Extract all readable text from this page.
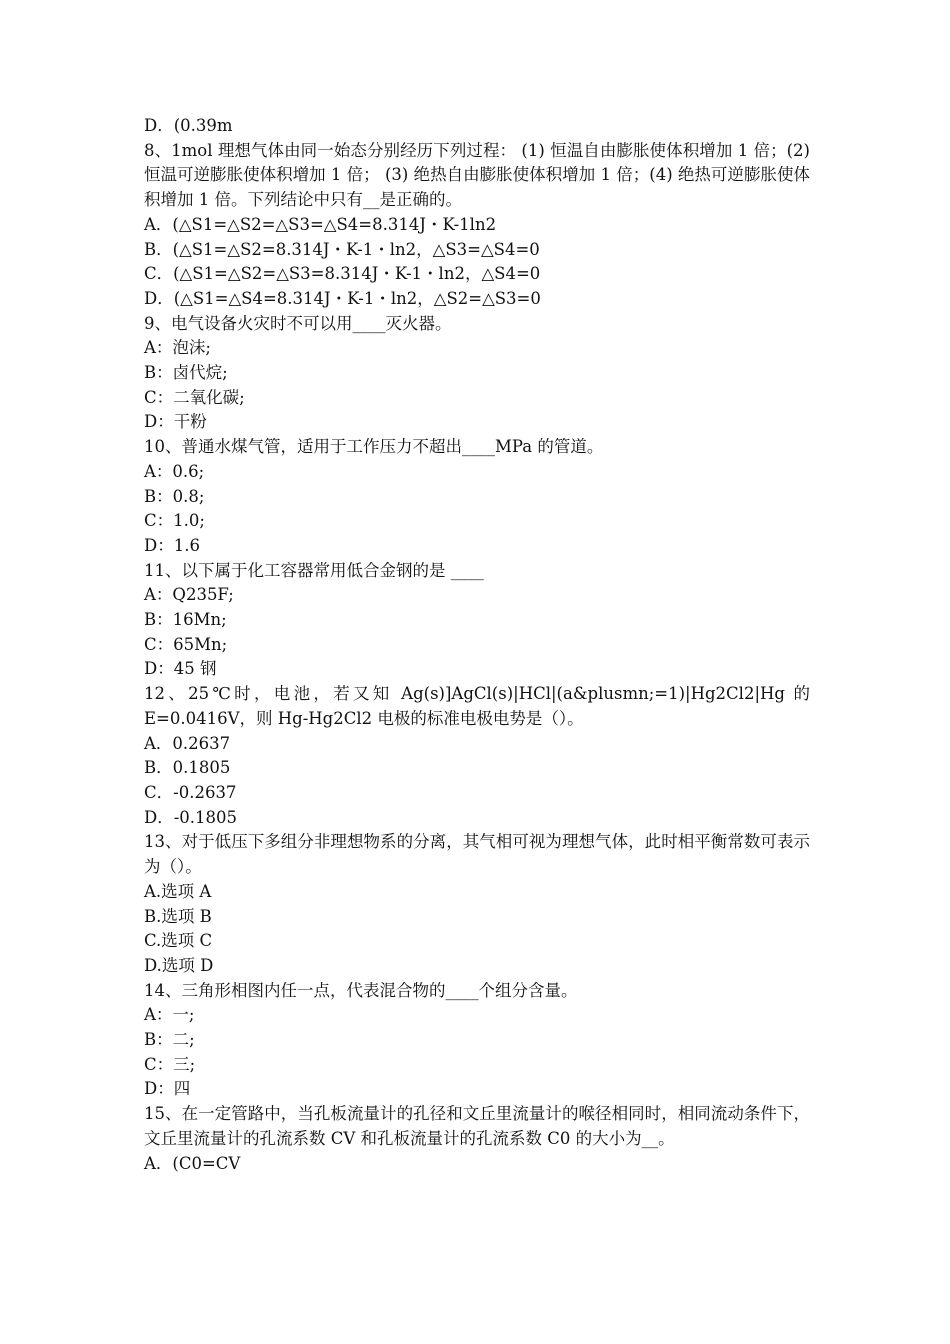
D．(0.39m

8、1mol 理想气体由同一始态分别经历下列过程： (1) 恒温自由膨胀使体积增加 1 倍；(2) 恒温可逆膨胀使体积增加 1 倍； (3) 绝热自由膨胀使体积增加 1 倍；(4) 绝热可逆膨胀使体积增加 1 倍。下列结论中只有__是正确的。

A．(△S1=△S2=△S3=△S4=8.314J・K-1ln2

B．(△S1=△S2=8.314J・K-1・ln2，△S3=△S4=0

C．(△S1=△S2=△S3=8.314J・K-1・ln2，△S4=0

D．(△S1=△S4=8.314J・K-1・ln2，△S2=△S3=0

9、电气设备火灾时不可以用____灭火器。

A：泡沫;

B：卤代烷;

C：二氧化碳;

D：干粉

10、普通水煤气管，适用于工作压力不超出____MPa 的管道。

A：0.6;

B：0.8;

C：1.0;

D：1.6

11、以下属于化工容器常用低合金钢的是 ____

A：Q235F;

B：16Mn;

C：65Mn;

D：45 钢

12、25℃时，电池，若又知 Ag(s)]AgCl(s)|HCl|(a&plusmn;=1)|Hg2Cl2|Hg 的 E=0.0416V，则 Hg-Hg2Cl2 电极的标准电极电势是（）。

A．0.2637

B．0.1805

C．-0.2637

D．-0.1805

13、对于低压下多组分非理想物系的分离，其气相可视为理想气体，此时相平衡常数可表示为（）。

A.选项 A

B.选项 B

C.选项 C

D.选项 D

14、三角形相图内任一点，代表混合物的____个组分含量。

A：一;

B：二;

C：三;

D：四

15、在一定管路中，当孔板流量计的孔径和文丘里流量计的喉径相同时，相同流动条件下，文丘里流量计的孔流系数 CV 和孔板流量计的孔流系数 C0 的大小为__。

A．(C0=CV
